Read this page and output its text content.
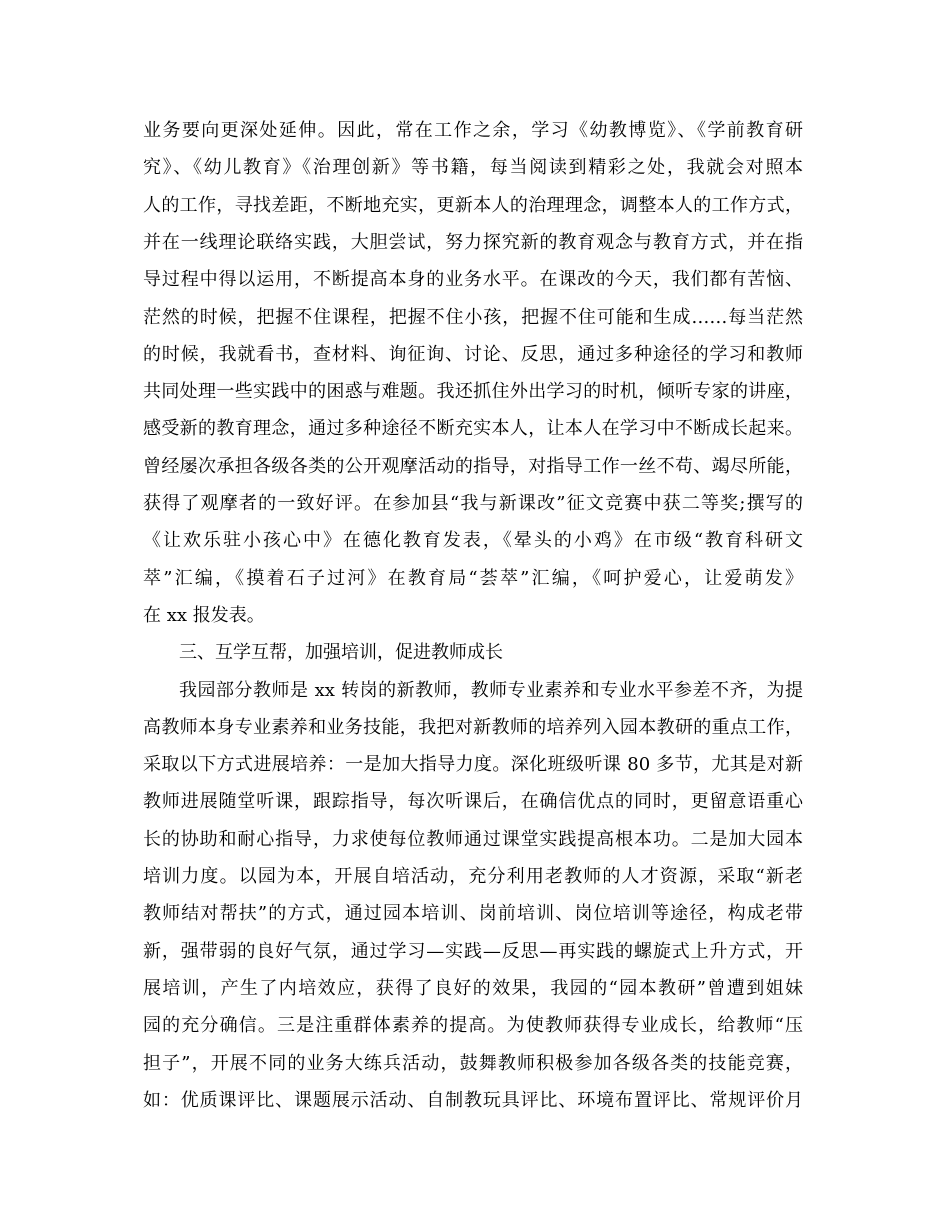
业务要向更深处延伸。因此，常在工作之余，学习《幼教博览》、《学前教育研
究》、《幼儿教育》《治理创新》等书籍，每当阅读到精彩之处，我就会对照本
人的工作，寻找差距，不断地充实，更新本人的治理理念，调整本人的工作方式，
并在一线理论联络实践，大胆尝试，努力探究新的教育观念与教育方式，并在指
导过程中得以运用，不断提高本身的业务水平。在课改的今天，我们都有苦恼、
茫然的时候，把握不住课程，把握不住小孩，把握不住可能和生成……每当茫然
的时候，我就看书，查材料、询征询、讨论、反思，通过多种途径的学习和教师
共同处理一些实践中的困惑与难题。我还抓住外出学习的时机，倾听专家的讲座，
感受新的教育理念，通过多种途径不断充实本人，让本人在学习中不断成长起来。
曾经屡次承担各级各类的公开观摩活动的指导，对指导工作一丝不苟、竭尽所能，
获得了观摩者的一致好评。在参加县“我与新课改”征文竞赛中获二等奖;撰写的
《让欢乐驻小孩心中》在德化教育发表，《晕头的小鸡》在市级“教育科研文
萃”汇编，《摸着石子过河》在教育局“荟萃”汇编，《呵护爱心，让爱萌发》
在 xx 报发表。
三、互学互帮，加强培训，促进教师成长
我园部分教师是 xx 转岗的新教师，教师专业素养和专业水平参差不齐，为提
高教师本身专业素养和业务技能，我把对新教师的培养列入园本教研的重点工作，
采取以下方式进展培养：一是加大指导力度。深化班级听课 80 多节，尤其是对新
教师进展随堂听课，跟踪指导，每次听课后，在确信优点的同时，更留意语重心
长的协助和耐心指导，力求使每位教师通过课堂实践提高根本功。二是加大园本
培训力度。以园为本，开展自培活动，充分利用老教师的人才资源，采取“新老
教师结对帮扶”的方式，通过园本培训、岗前培训、岗位培训等途径，构成老带
新，强带弱的良好气氛，通过学习—实践—反思—再实践的螺旋式上升方式，开
展培训，产生了内培效应，获得了良好的效果，我园的“园本教研”曾遭到姐妹
园的充分确信。三是注重群体素养的提高。为使教师获得专业成长，给教师“压
担子”，开展不同的业务大练兵活动，鼓舞教师积极参加各级各类的技能竞赛，
如：优质课评比、课题展示活动、自制教玩具评比、环境布置评比、常规评价月
